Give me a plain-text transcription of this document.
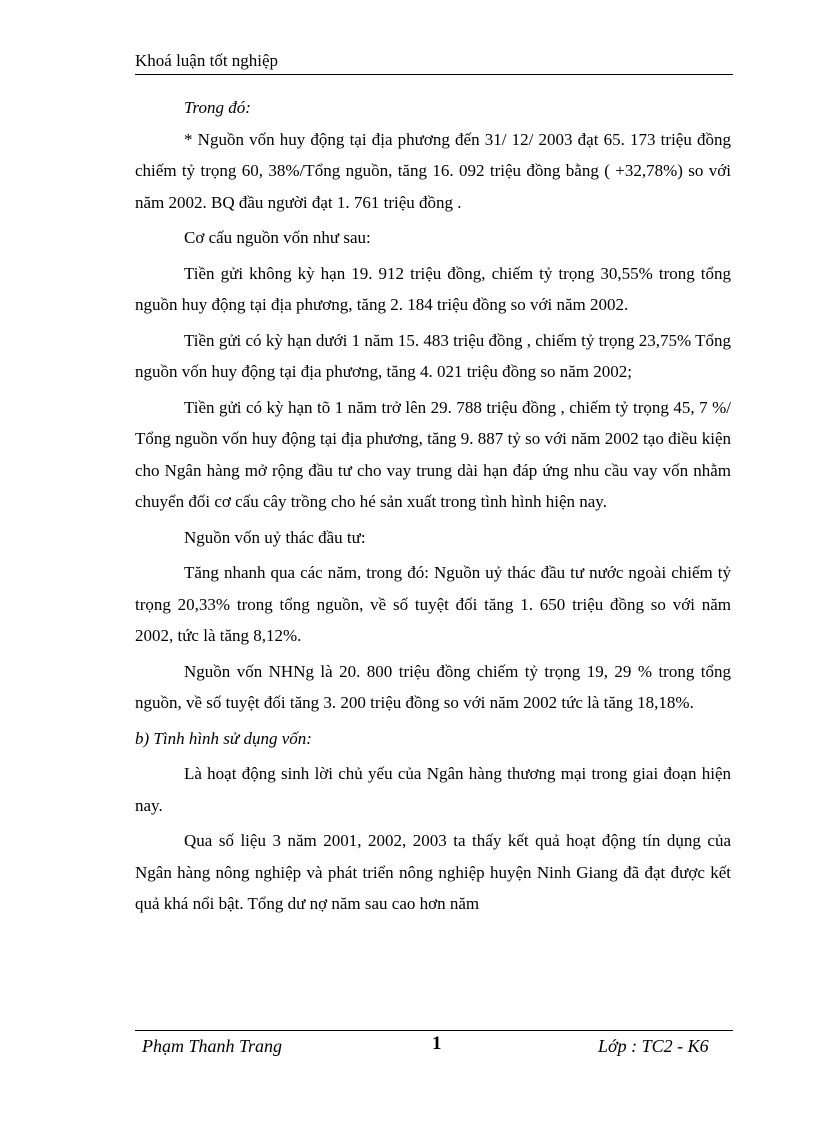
Khoá luận tốt nghiệp

Trong đó:

* Nguồn vốn huy động tại địa phương đến 31/ 12/ 2003 đạt 65. 173 triệu đồng chiếm tỷ trọng 60, 38%/Tổng nguồn, tăng 16. 092 triệu đồng bằng ( +32,78%) so với năm 2002. BQ đầu người đạt 1. 761 triệu đồng .

Cơ cấu nguồn vốn như sau:

Tiền gửi không kỳ hạn 19. 912 triệu đồng, chiếm tỷ trọng 30,55% trong tổng nguồn huy động tại địa phương, tăng 2. 184 triệu đồng so với năm 2002.

Tiền gửi có kỳ hạn dưới 1 năm 15. 483 triệu đồng , chiếm tỷ trọng 23,75% Tổng nguồn vốn huy động tại địa phương, tăng 4. 021 triệu đồng so năm 2002;

Tiền gửi có kỳ hạn tõ 1 năm trở lên 29. 788 triệu đồng , chiếm tỷ trọng 45, 7 %/ Tổng nguồn vốn huy động tại địa phương, tăng 9. 887 tỷ so với năm 2002 tạo điều kiện cho Ngân hàng mở rộng đầu tư cho vay trung dài hạn đáp ứng nhu cầu vay vốn nhằm chuyển đổi cơ cấu cây trồng cho hé sản xuất trong tình hình hiện nay.

Nguồn vốn uỷ thác đầu tư:

Tăng nhanh qua các năm, trong đó: Nguồn uỷ thác đầu tư nước ngoài chiếm tỷ trọng 20,33% trong tổng nguồn, về số tuyệt đối tăng 1. 650 triệu đồng so với năm 2002, tức là tăng 8,12%.

Nguồn vốn NHNg là 20. 800 triệu đồng chiếm tỷ trọng 19, 29 % trong tổng nguồn, về số tuyệt đối tăng 3. 200 triệu đồng so với năm 2002 tức là tăng 18,18%.

b) Tình hình sử dụng vốn:

Là hoạt động sinh lời chủ yếu của Ngân hàng thương mại trong giai đoạn hiện nay.

Qua số liệu 3 năm 2001, 2002, 2003 ta thấy kết quả hoạt động tín dụng của Ngân hàng nông nghiệp và phát triển nông nghiệp huyện Ninh Giang đã đạt được kết quả khá nổi bật. Tổng dư nợ năm sau cao hơn năm

Phạm Thanh Trang	1	Lớp : TC2 - K6
